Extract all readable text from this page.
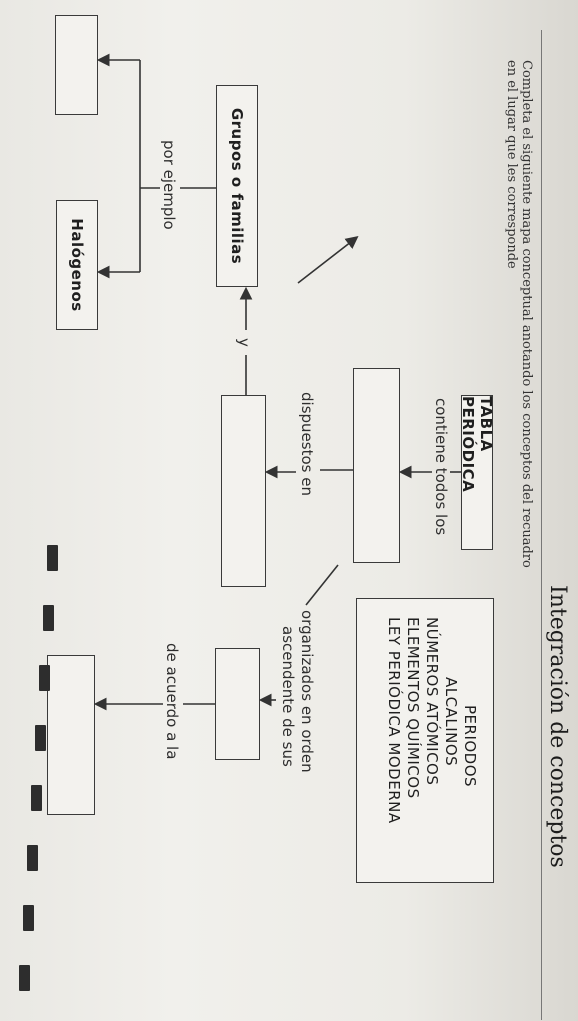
Integración de conceptos
Completa el siguiente mapa conceptual anotando los conceptos del recuadro en el lugar que les corresponde
PERIODOS
ALCALINOS
NÚMEROS ATÓMICOS
ELEMENTOS QUÍMICOS
LEY PERIÓDICA MODERNA
TABLA PERIÓDICA
contiene todos los
dispuestos en
organizados en orden
ascendente de sus
y
Grupos o familias
por ejemplo
de acuerdo a la
Halógenos
